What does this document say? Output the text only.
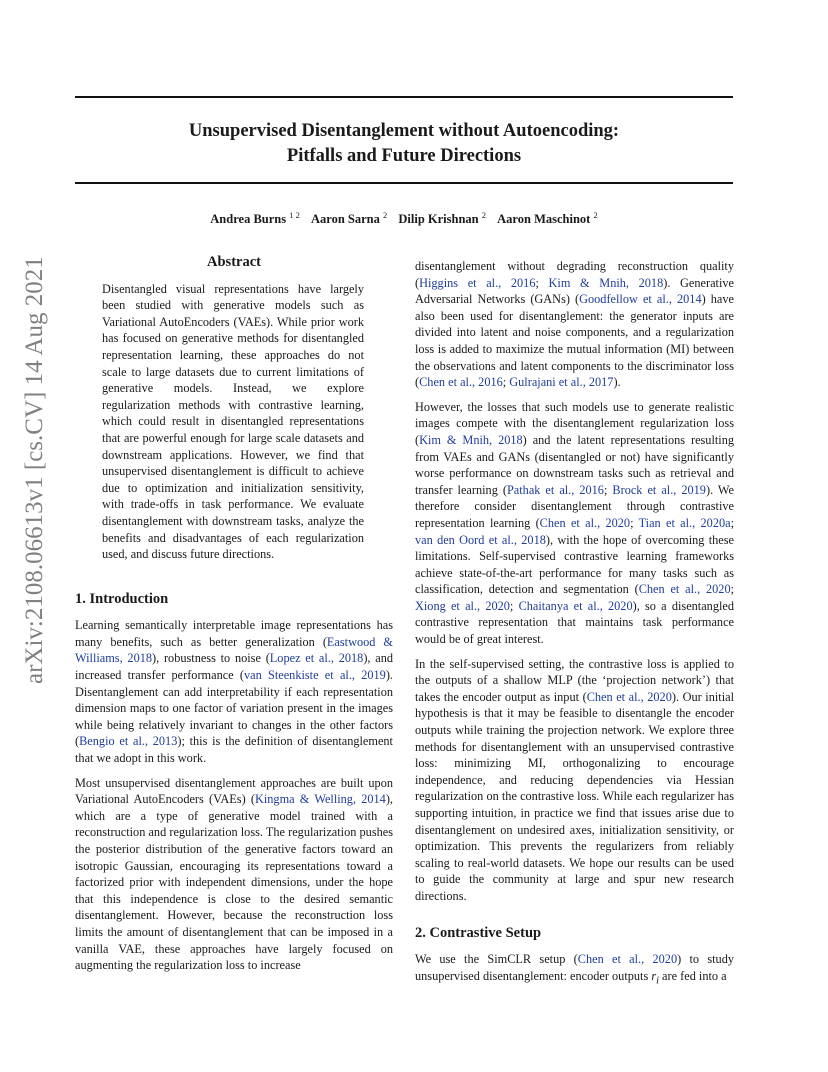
Unsupervised Disentanglement without Autoencoding:
Pitfalls and Future Directions
Andrea Burns $^{1 2}$ Aaron Sarna $^2$ Dilip Krishnan $^2$ Aaron Maschinot $^2$
arXiv:2108.06613v1 [cs.CV] 14 Aug 2021	Abstract

Disentangled visual representations have largely been studied with generative models such as Variational AutoEncoders (VAEs). While prior work has focused on generative methods for disentangled representation learning, these approaches do not scale to large datasets due to current limitations of generative models. Instead, we explore regularization methods with contrastive learning, which could result in disentangled representations that are powerful enough for large scale datasets and downstream applications. However, we find that unsupervised disentanglement is difficult to achieve due to optimization and initialization sensitivity, with trade-offs in task performance. We evaluate disentanglement with downstream tasks, analyze the benefits and disadvantages of each regularization used, and discuss future directions.

1. Introduction

Learning semantically interpretable image representations has many benefits, such as better generalization (Eastwood & Williams, 2018), robustness to noise (Lopez et al., 2018), and increased transfer performance (van Steenkiste et al., 2019). Disentanglement can add interpretability if each representation dimension maps to one factor of variation present in the images while being relatively invariant to changes in the other factors (Bengio et al., 2013); this is the definition of disentanglement that we adopt in this work.

Most unsupervised disentanglement approaches are built upon Variational AutoEncoders (VAEs) (Kingma & Welling, 2014), which are a type of generative model trained with a reconstruction and regularization loss. The regularization pushes the posterior distribution of the generative factors toward an isotropic Gaussian, encouraging its representations toward a factorized prior with independent dimensions, under the hope that this independence is close to the desired semantic disentanglement. However, because the reconstruction loss limits the amount of disentanglement that can be imposed in a vanilla VAE, these approaches have largely focused on augmenting the regularization loss to increase

disentanglement without degrading reconstruction quality (Higgins et al., 2016; Kim & Mnih, 2018). Generative Adversarial Networks (GANs) (Goodfellow et al., 2014) have also been used for disentanglement: the generator inputs are divided into latent and noise components, and a regularization loss is added to maximize the mutual information (MI) between the observations and latent components to the discriminator loss (Chen et al., 2016; Gulrajani et al., 2017).

However, the losses that such models use to generate realistic images compete with the disentanglement regularization loss (Kim & Mnih, 2018) and the latent representations resulting from VAEs and GANs (disentangled or not) have significantly worse performance on downstream tasks such as retrieval and transfer learning (Pathak et al., 2016; Brock et al., 2019). We therefore consider disentanglement through contrastive representation learning (Chen et al., 2020; Tian et al., 2020a; van den Oord et al., 2018), with the hope of overcoming these limitations. Self-supervised contrastive learning frameworks achieve state-of-the-art performance for many tasks such as classification, detection and segmentation (Chen et al., 2020; Xiong et al., 2020; Chaitanya et al., 2020), so a disentangled contrastive representation that maintains task performance would be of great interest.

In the self-supervised setting, the contrastive loss is applied to the outputs of a shallow MLP (the ‘projection network’) that takes the encoder output as input (Chen et al., 2020). Our initial hypothesis is that it may be feasible to disentangle the encoder outputs while training the projection network. We explore three methods for disentanglement with an unsupervised contrastive loss: minimizing MI, orthogonalizing to encourage independence, and reducing dependencies via Hessian regularization on the contrastive loss. While each regularizer has supporting intuition, in practice we find that issues arise due to disentanglement on undesired axes, initialization sensitivity, or optimization. This prevents the regularizers from reliably scaling to real-world datasets. We hope our results can be used to guide the community at large and spur new research directions.

2. Contrastive Setup

We use the SimCLR setup (Chen et al., 2020) to study unsupervised disentanglement: encoder outputs $r_i$ are fed into a
